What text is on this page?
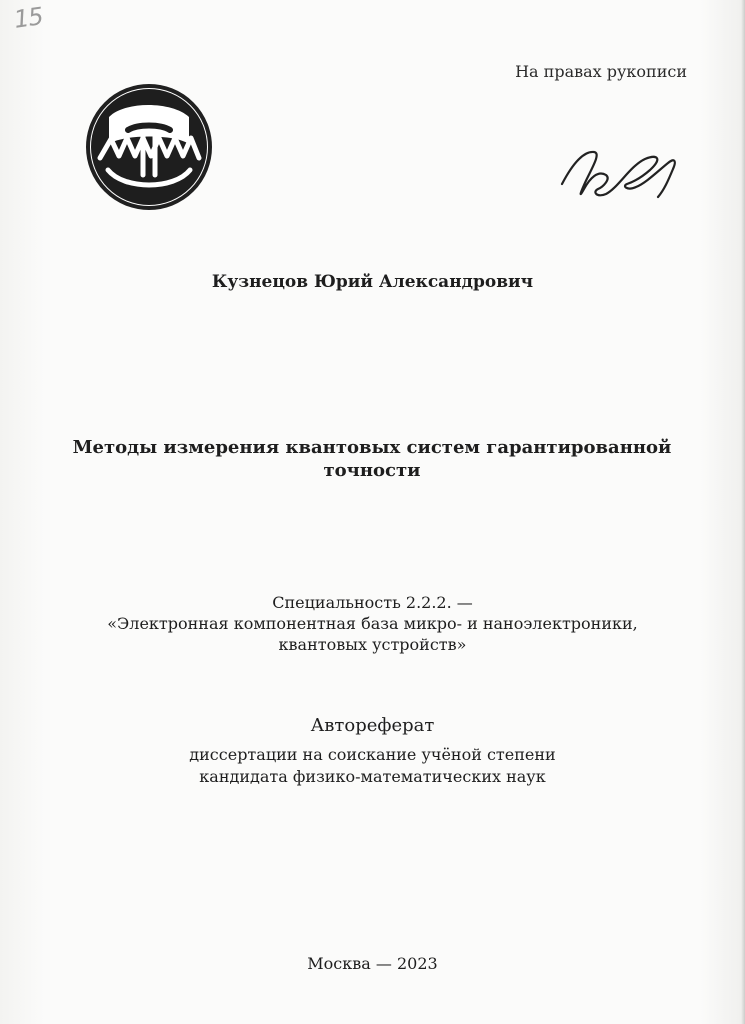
15
На правах рукописи
Кузнецов Юрий Александрович
Методы измерения квантовых систем гарантированной
точности
Специальность 2.2.2. —
«Электронная компонентная база микро- и наноэлектроники,
квантовых устройств»
Автореферат
диссертации на соискание учёной степени
кандидата физико-математических наук
Москва — 2023
